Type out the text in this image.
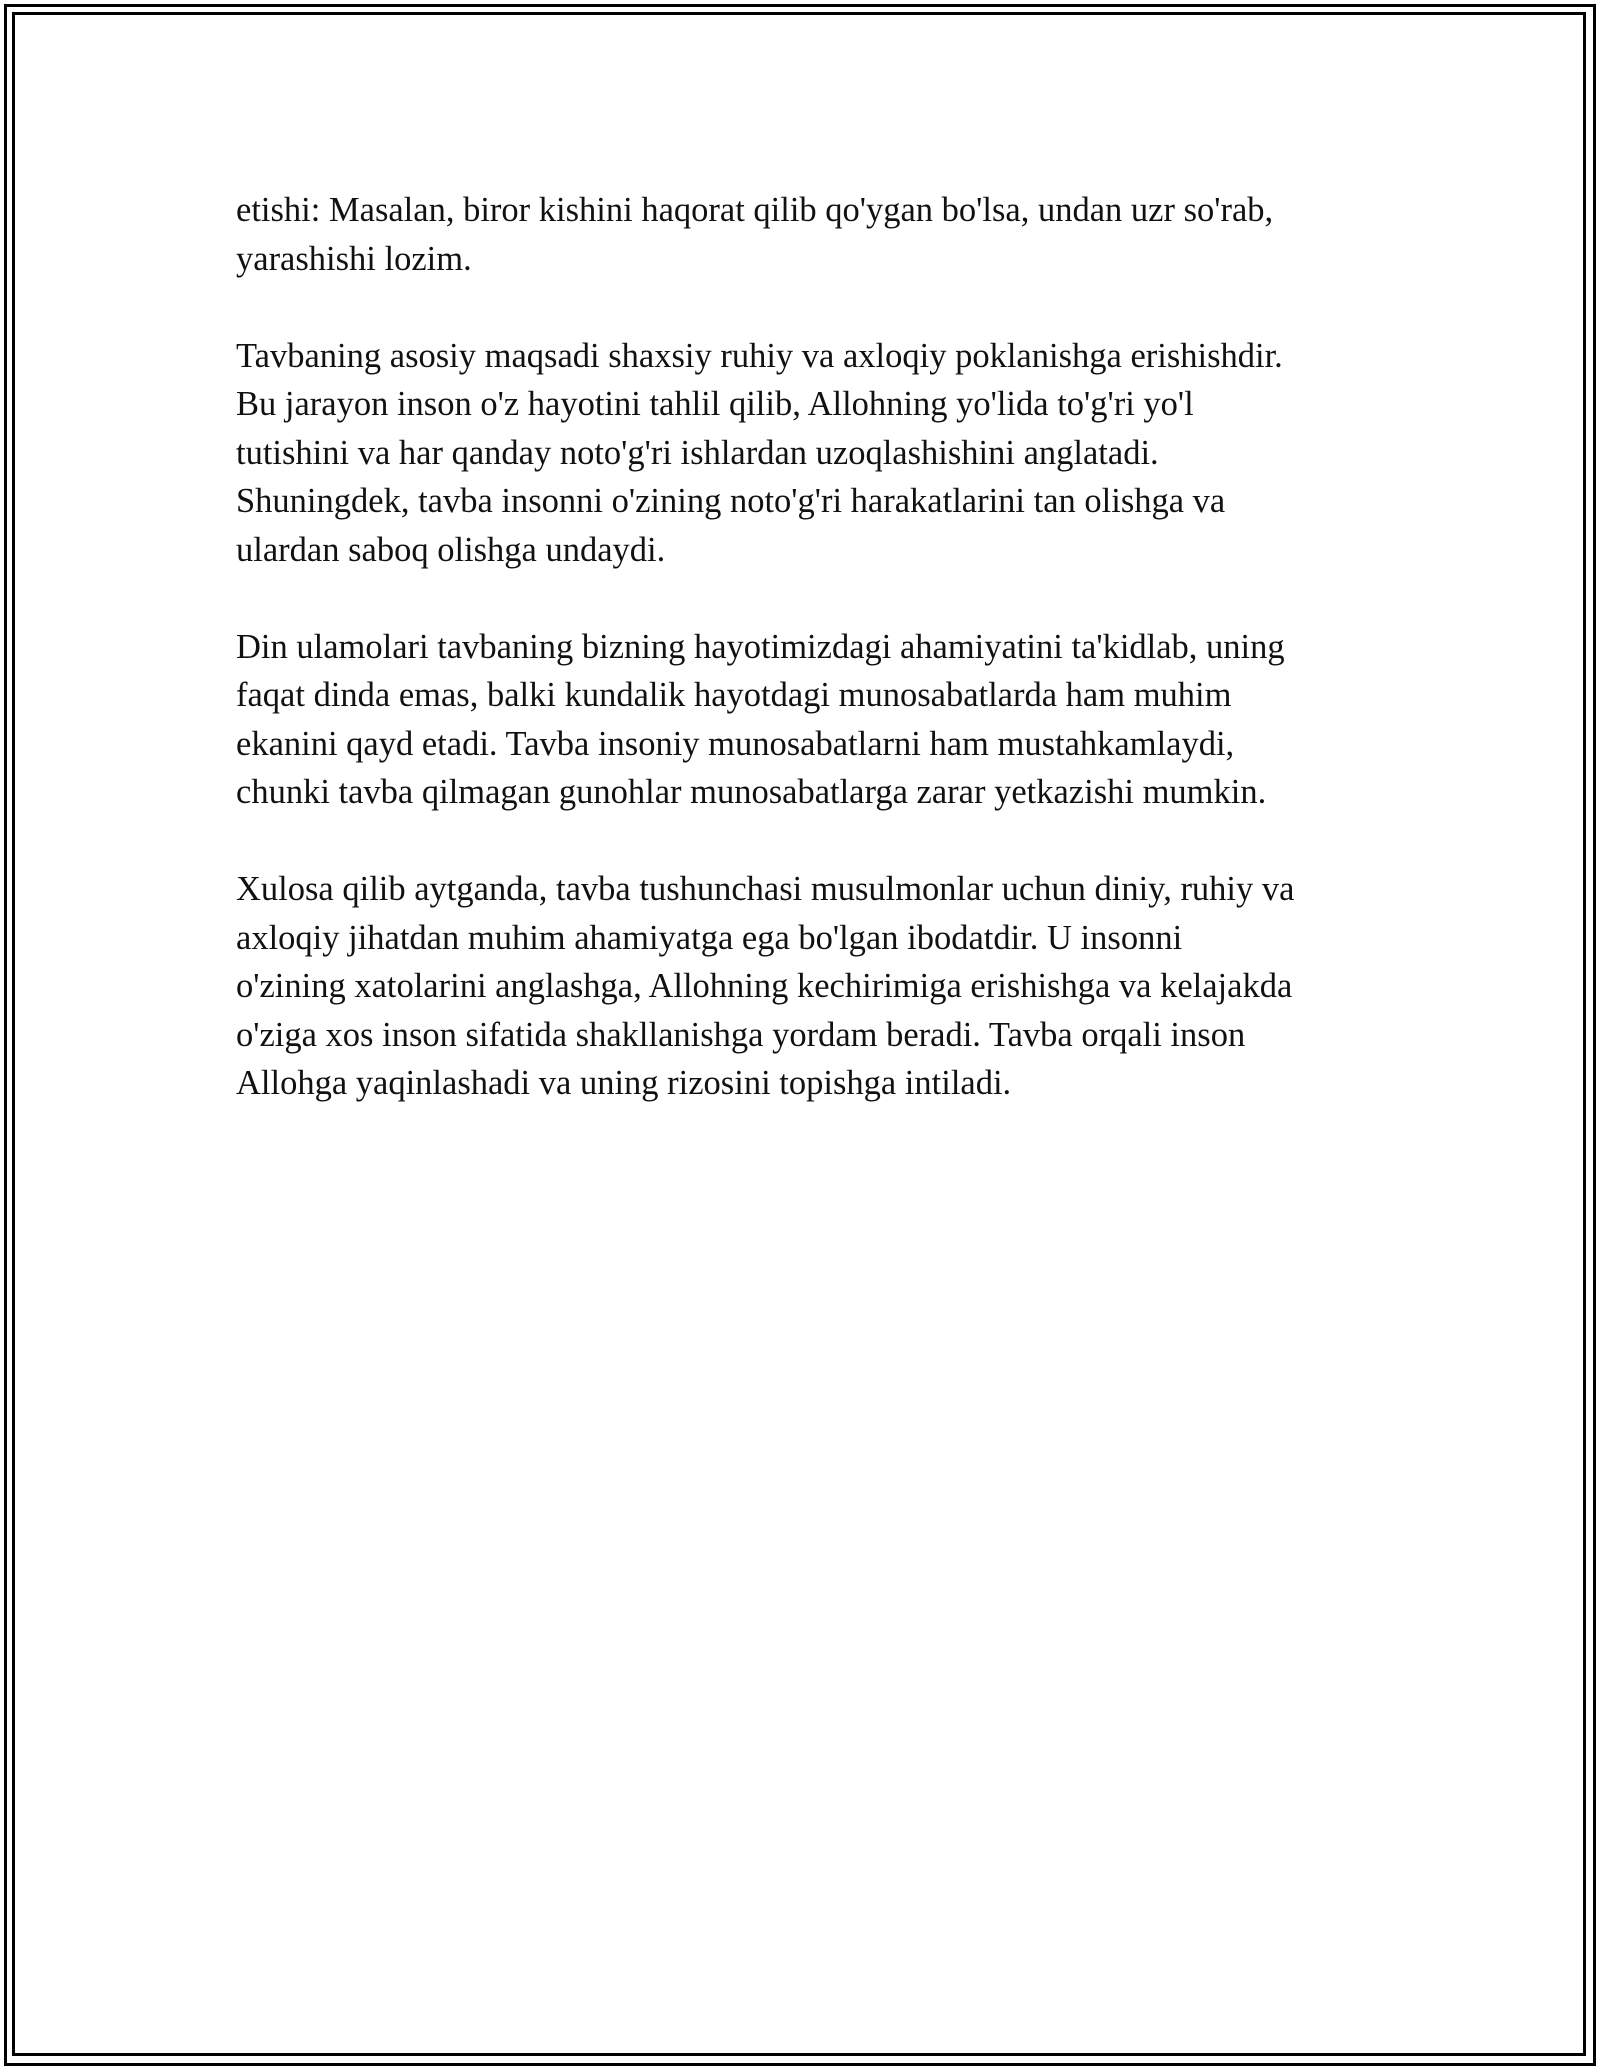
etishi: Masalan, biror kishini haqorat qilib qo'ygan bo'lsa, undan uzr so'rab,
yarashishi lozim.

Tavbaning asosiy maqsadi shaxsiy ruhiy va axloqiy poklanishga erishishdir.
Bu jarayon inson o'z hayotini tahlil qilib, Allohning yo'lida to'g'ri yo'l
tutishini va har qanday noto'g'ri ishlardan uzoqlashishini anglatadi.
Shuningdek, tavba insonni o'zining noto'g'ri harakatlarini tan olishga va
ulardan saboq olishga undaydi.

Din ulamolari tavbaning bizning hayotimizdagi ahamiyatini ta'kidlab, uning
faqat dinda emas, balki kundalik hayotdagi munosabatlarda ham muhim
ekanini qayd etadi. Tavba insoniy munosabatlarni ham mustahkamlaydi,
chunki tavba qilmagan gunohlar munosabatlarga zarar yetkazishi mumkin.

Xulosa qilib aytganda, tavba tushunchasi musulmonlar uchun diniy, ruhiy va
axloqiy jihatdan muhim ahamiyatga ega bo'lgan ibodatdir. U insonni
o'zining xatolarini anglashga, Allohning kechirimiga erishishga va kelajakda
o'ziga xos inson sifatida shakllanishga yordam beradi. Tavba orqali inson
Allohga yaqinlashadi va uning rizosini topishga intiladi.
